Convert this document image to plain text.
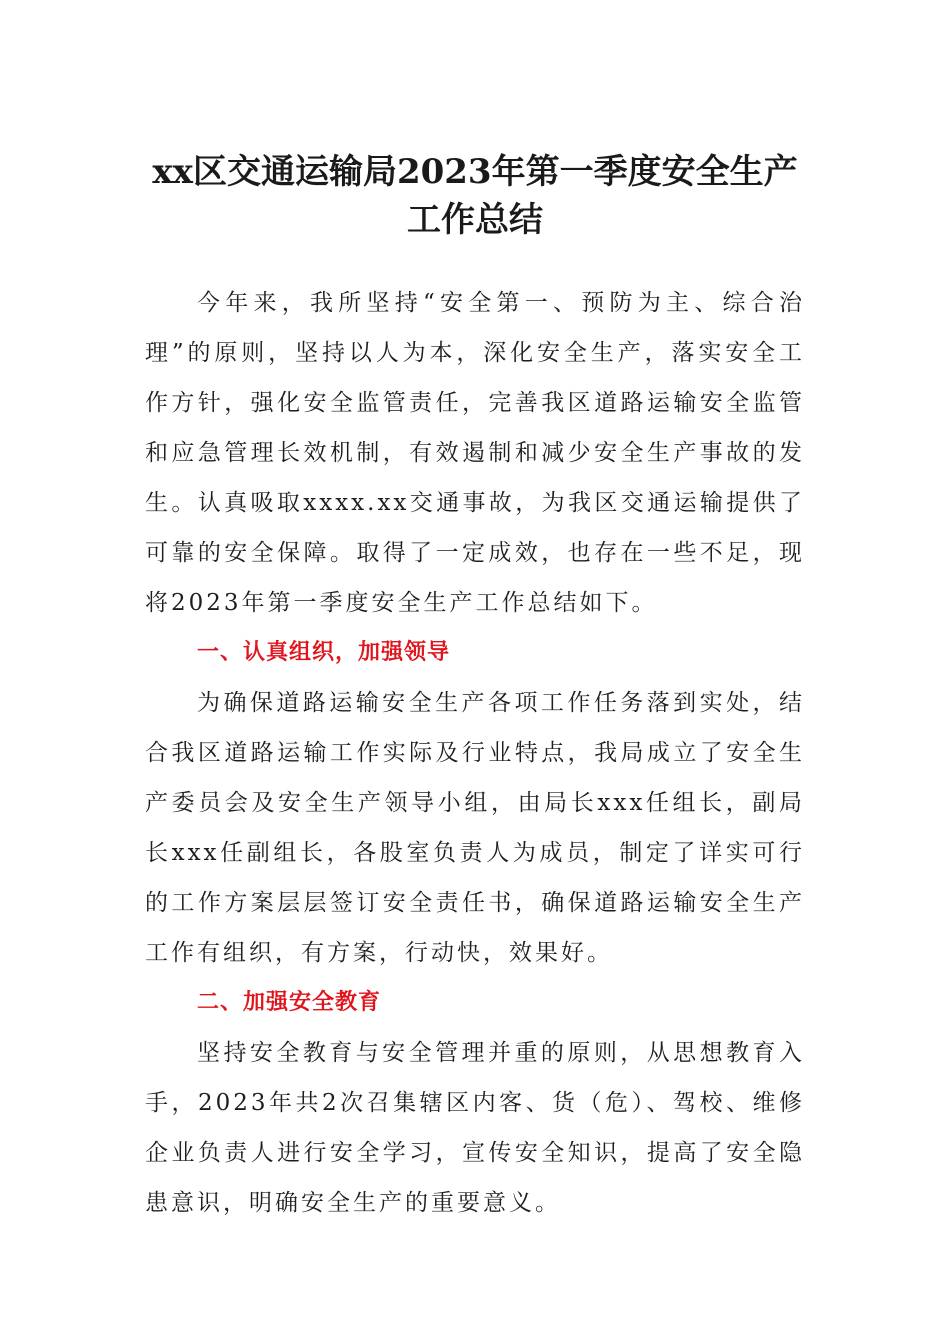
xx区交通运输局2023年第一季度安全生产
工作总结

今年来，我所坚持“安全第一、预防为主、综合治理”的原则，坚持以人为本，深化安全生产，落实安全工作方针，强化安全监管责任，完善我区道路运输安全监管和应急管理长效机制，有效遏制和减少安全生产事故的发生。认真吸取xxxx.xx交通事故，为我区交通运输提供了可靠的安全保障。取得了一定成效，也存在一些不足，现将2023年第一季度安全生产工作总结如下。

一、认真组织，加强领导

为确保道路运输安全生产各项工作任务落到实处，结合我区道路运输工作实际及行业特点，我局成立了安全生产委员会及安全生产领导小组，由局长xxx任组长，副局长xxx任副组长，各股室负责人为成员，制定了详实可行的工作方案层层签订安全责任书，确保道路运输安全生产工作有组织，有方案，行动快，效果好。

二、加强安全教育

坚持安全教育与安全管理并重的原则，从思想教育入手，2023年共2次召集辖区内客、货（危）、驾校、维修企业负责人进行安全学习，宣传安全知识，提高了安全隐患意识，明确安全生产的重要意义。
